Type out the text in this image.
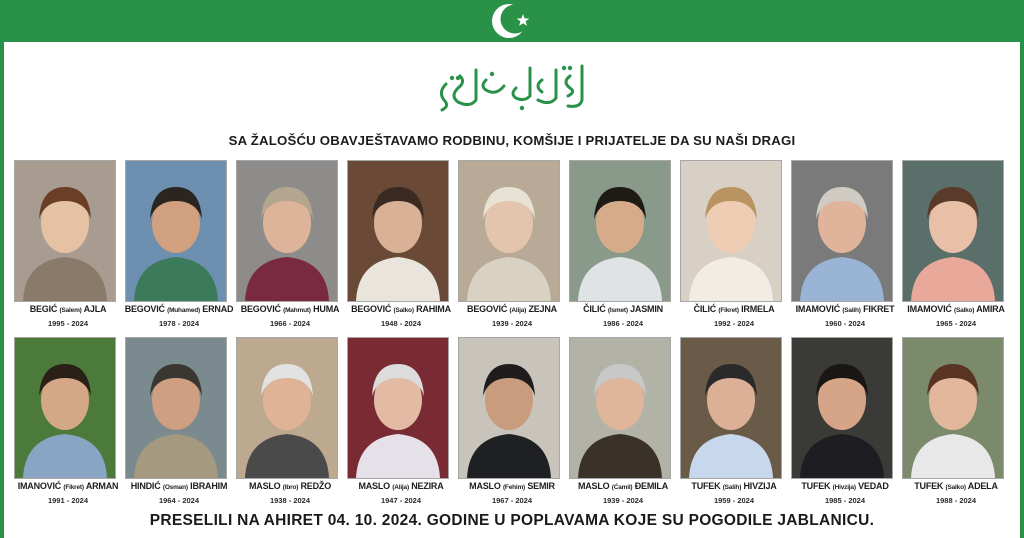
SA ŽALOŠĆU OBAVJEŠTAVAMO RODBINU, KOMŠIJE I PRIJATELJE DA SU NAŠI DRAGI
BEGIĆ (Salem) AJLA
1995 - 2024
BEGOVIĆ (Muhamed) ERNAD
1978 - 2024
BEGOVIĆ (Mahmut) HUMA
1966 - 2024
BEGOVIĆ (Salko) RAHIMA
1948 - 2024
BEGOVIĆ (Alija) ZEJNA
1939 - 2024
ČILIĆ (Ismet) JASMIN
1986 - 2024
ČILIĆ (Fikret) IRMELA
1992 - 2024
IMAMOVIĆ (Salih) FIKRET
1960 - 2024
IMAMOVIĆ (Salko) AMIRA
1965 - 2024
IMANOVIĆ (Fikret) ARMAN
1991 - 2024
HINDIĆ (Osman) IBRAHIM
1964 - 2024
MASLO (Ibro) REDŽO
1938 - 2024
MASLO (Alija) NEZIRA
1947 - 2024
MASLO (Fehim) SEMIR
1967 - 2024
MASLO (Ćamil) ĐEMILA
1939 - 2024
TUFEK (Salih) HIVZIJA
1959 - 2024
TUFEK (Hivzija) VEDAD
1985 - 2024
TUFEK (Salko) ADELA
1988 - 2024
PRESELILI NA AHIRET 04. 10. 2024. GODINE U POPLAVAMA KOJE SU POGODILE JABLANICU.
